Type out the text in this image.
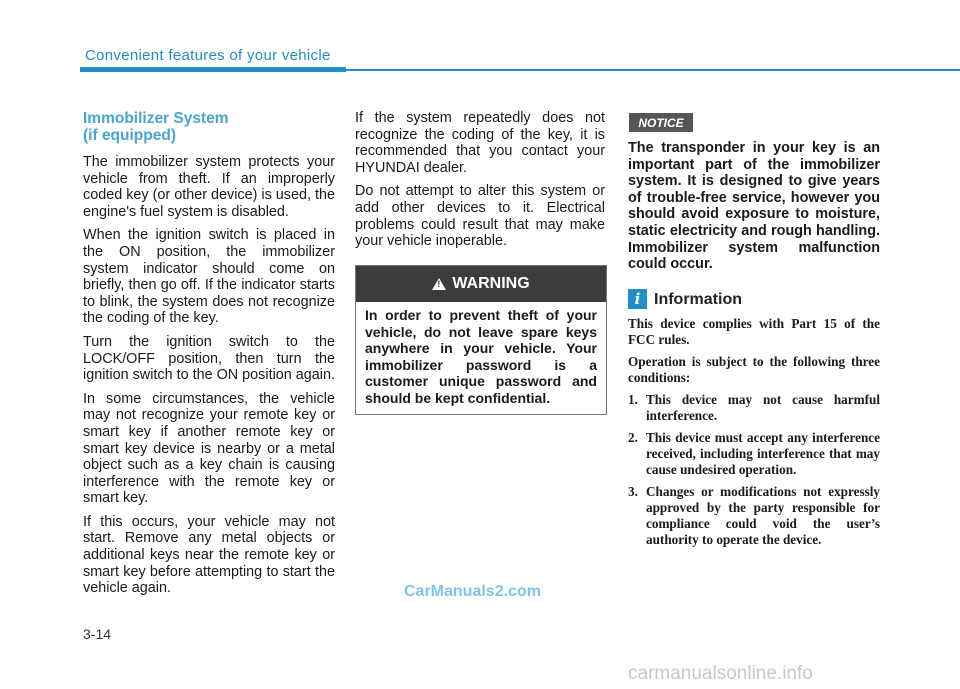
Convenient features of your vehicle
Immobilizer System
(if equipped)

The immobilizer system protects your vehicle from theft. If an improperly coded key (or other device) is used, the engine's fuel system is disabled.

When the ignition switch is placed in the ON position, the immobilizer system indicator should come on briefly, then go off. If the indicator starts to blink, the system does not recognize the coding of the key.

Turn the ignition switch to the LOCK/OFF position, then turn the ignition switch to the ON position again.

In some circumstances, the vehicle may not recognize your remote key or smart key if another remote key or smart key device is nearby or a metal object such as a key chain is causing interference with the remote key or smart key.

If this occurs, your vehicle may not start. Remove any metal objects or additional keys near the remote key or smart key before attempting to start the vehicle again.

If the system repeatedly does not recognize the coding of the key, it is recommended that you contact your HYUNDAI dealer.

Do not attempt to alter this system or add other devices to it. Electrical problems could result that may make your vehicle inoperable.

!
WARNING
In order to prevent theft of your vehicle, do not leave spare keys anywhere in your vehicle. Your immobilizer password is a customer unique password and should be kept confidential.
NOTICE
The transponder in your key is an important part of the immobilizer system. It is designed to give years of trouble-free service, however you should avoid exposure to moisture, static electricity and rough handling. Immobilizer system malfunction could occur.
i Information

This device complies with Part 15 of the FCC rules.

Operation is subject to the following three conditions:

1. This device may not cause harmful interference.
2. This device must accept any interference received, including interference that may cause undesired operation.
3. Changes or modifications not expressly approved by the party responsible for compliance could void the user’s authority to operate the device.
CarManuals2.com
3-14
carmanualsonline.info
